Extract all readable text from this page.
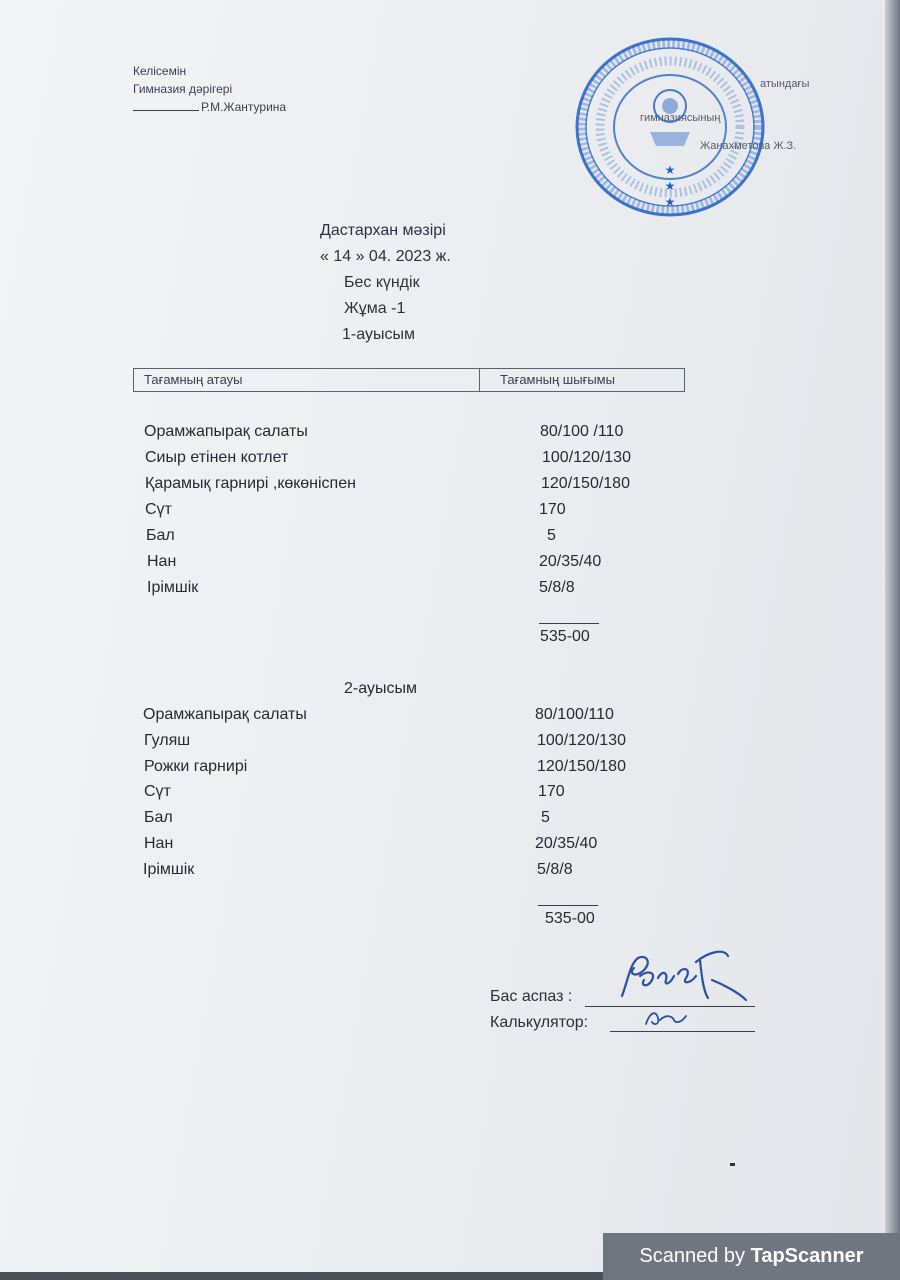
Келісемін
Гимназия дәрігері
Р.М.Жантурина
атындағы
гимназиясының
Жанахметова Ж.З.
★
★
★
Дастархан мәзірі
« 14 » 04. 2023 ж.
Бес күндік
Жұма -1
1-ауысым
Тағамның атауы	Тағамның шығымы
Орамжапырақ салаты	80/100 /110
Сиыр етінен котлет	100/120/130
Қарамық гарнирі ,көкөніспен	120/150/180
Сүт	170
Бал	5
Нан	20/35/40
Ірімшік	5/8/8
535-00
2-ауысым
Орамжапырақ салаты	80/100/110
Гуляш	100/120/130
Рожки гарнирі	120/150/180
Сүт	170
Бал	5
Нан	20/35/40
Ірімшік	5/8/8
535-00
Бас аспаз :
Калькулятор:
Scanned by TapScanner
